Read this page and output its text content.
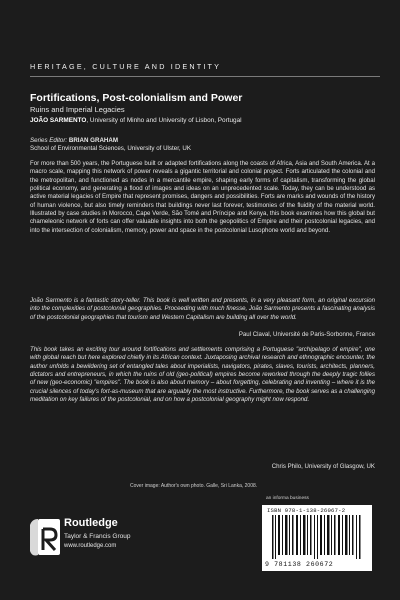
HERITAGE, CULTURE AND IDENTITY
Fortifications, Post-colonialism and Power
Ruins and Imperial Legacies
JOÃO SARMENTO, University of Minho and University of Lisbon, Portugal
Series Editor: BRIAN GRAHAM
School of Environmental Sciences, University of Ulster, UK
For more than 500 years, the Portuguese built or adapted fortifications along the coasts of Africa, Asia and South America. At a macro scale, mapping this network of power reveals a gigantic territorial and colonial project. Forts articulated the colonial and the metropolitan, and functioned as nodes in a mercantile empire, shaping early forms of capitalism, transforming the global political economy, and generating a flood of images and ideas on an unprecedented scale. Today, they can be understood as active material legacies of Empire that represent promises, dangers and possibilities. Forts are marks and wounds of the history of human violence, but also timely reminders that buildings never last forever, testimonies of the fluidity of the material world. Illustrated by case studies in Morocco, Cape Verde, São Tomé and Príncipe and Kenya, this book examines how this global but chameleonic network of forts can offer valuable insights into both the geopolitics of Empire and their postcolonial legacies, and into the intersection of colonialism, memory, power and space in the postcolonial Lusophone world and beyond.
João Sarmento is a fantastic story-teller. This book is well written and presents, in a very pleasant form, an original excursion into the complexities of postcolonial geographies. Proceeding with much finesse, João Sarmento presents a fascinating analysis of the postcolonial geographies that tourism and Western Capitalism are building all over the world.
Paul Claval, Université de Paris-Sorbonne, France
This book takes an exciting tour around fortifications and settlements comprising a Portuguese "archipelago of empire", one with global reach but here explored chiefly in its African context. Juxtaposing archival research and ethnographic encounter, the author unfolds a bewildering set of entangled tales about imperialists, navigators, pirates, slaves, tourists, architects, planners, dictators and entrepreneurs, in which the ruins of old (geo-political) empires become reworked through the deeply tragic follies of new (geo-economic) "empires". The book is also about memory – about forgetting, celebrating and inventing – where it is the crucial silences of today's fort-as-museum that are arguably the most instructive. Furthermore, the book serves as a challenging meditation on key failures of the postcolonial, and on how a postcolonial geography might now respond.
Chris Philo, University of Glasgow, UK
Cover image: Author's own photo. Galle, Sri Lanka, 2008.
Routledge
Taylor & Francis Group
www.routledge.com
an informa business
ISBN 978-1-138-26067-2
9 781138 260672
